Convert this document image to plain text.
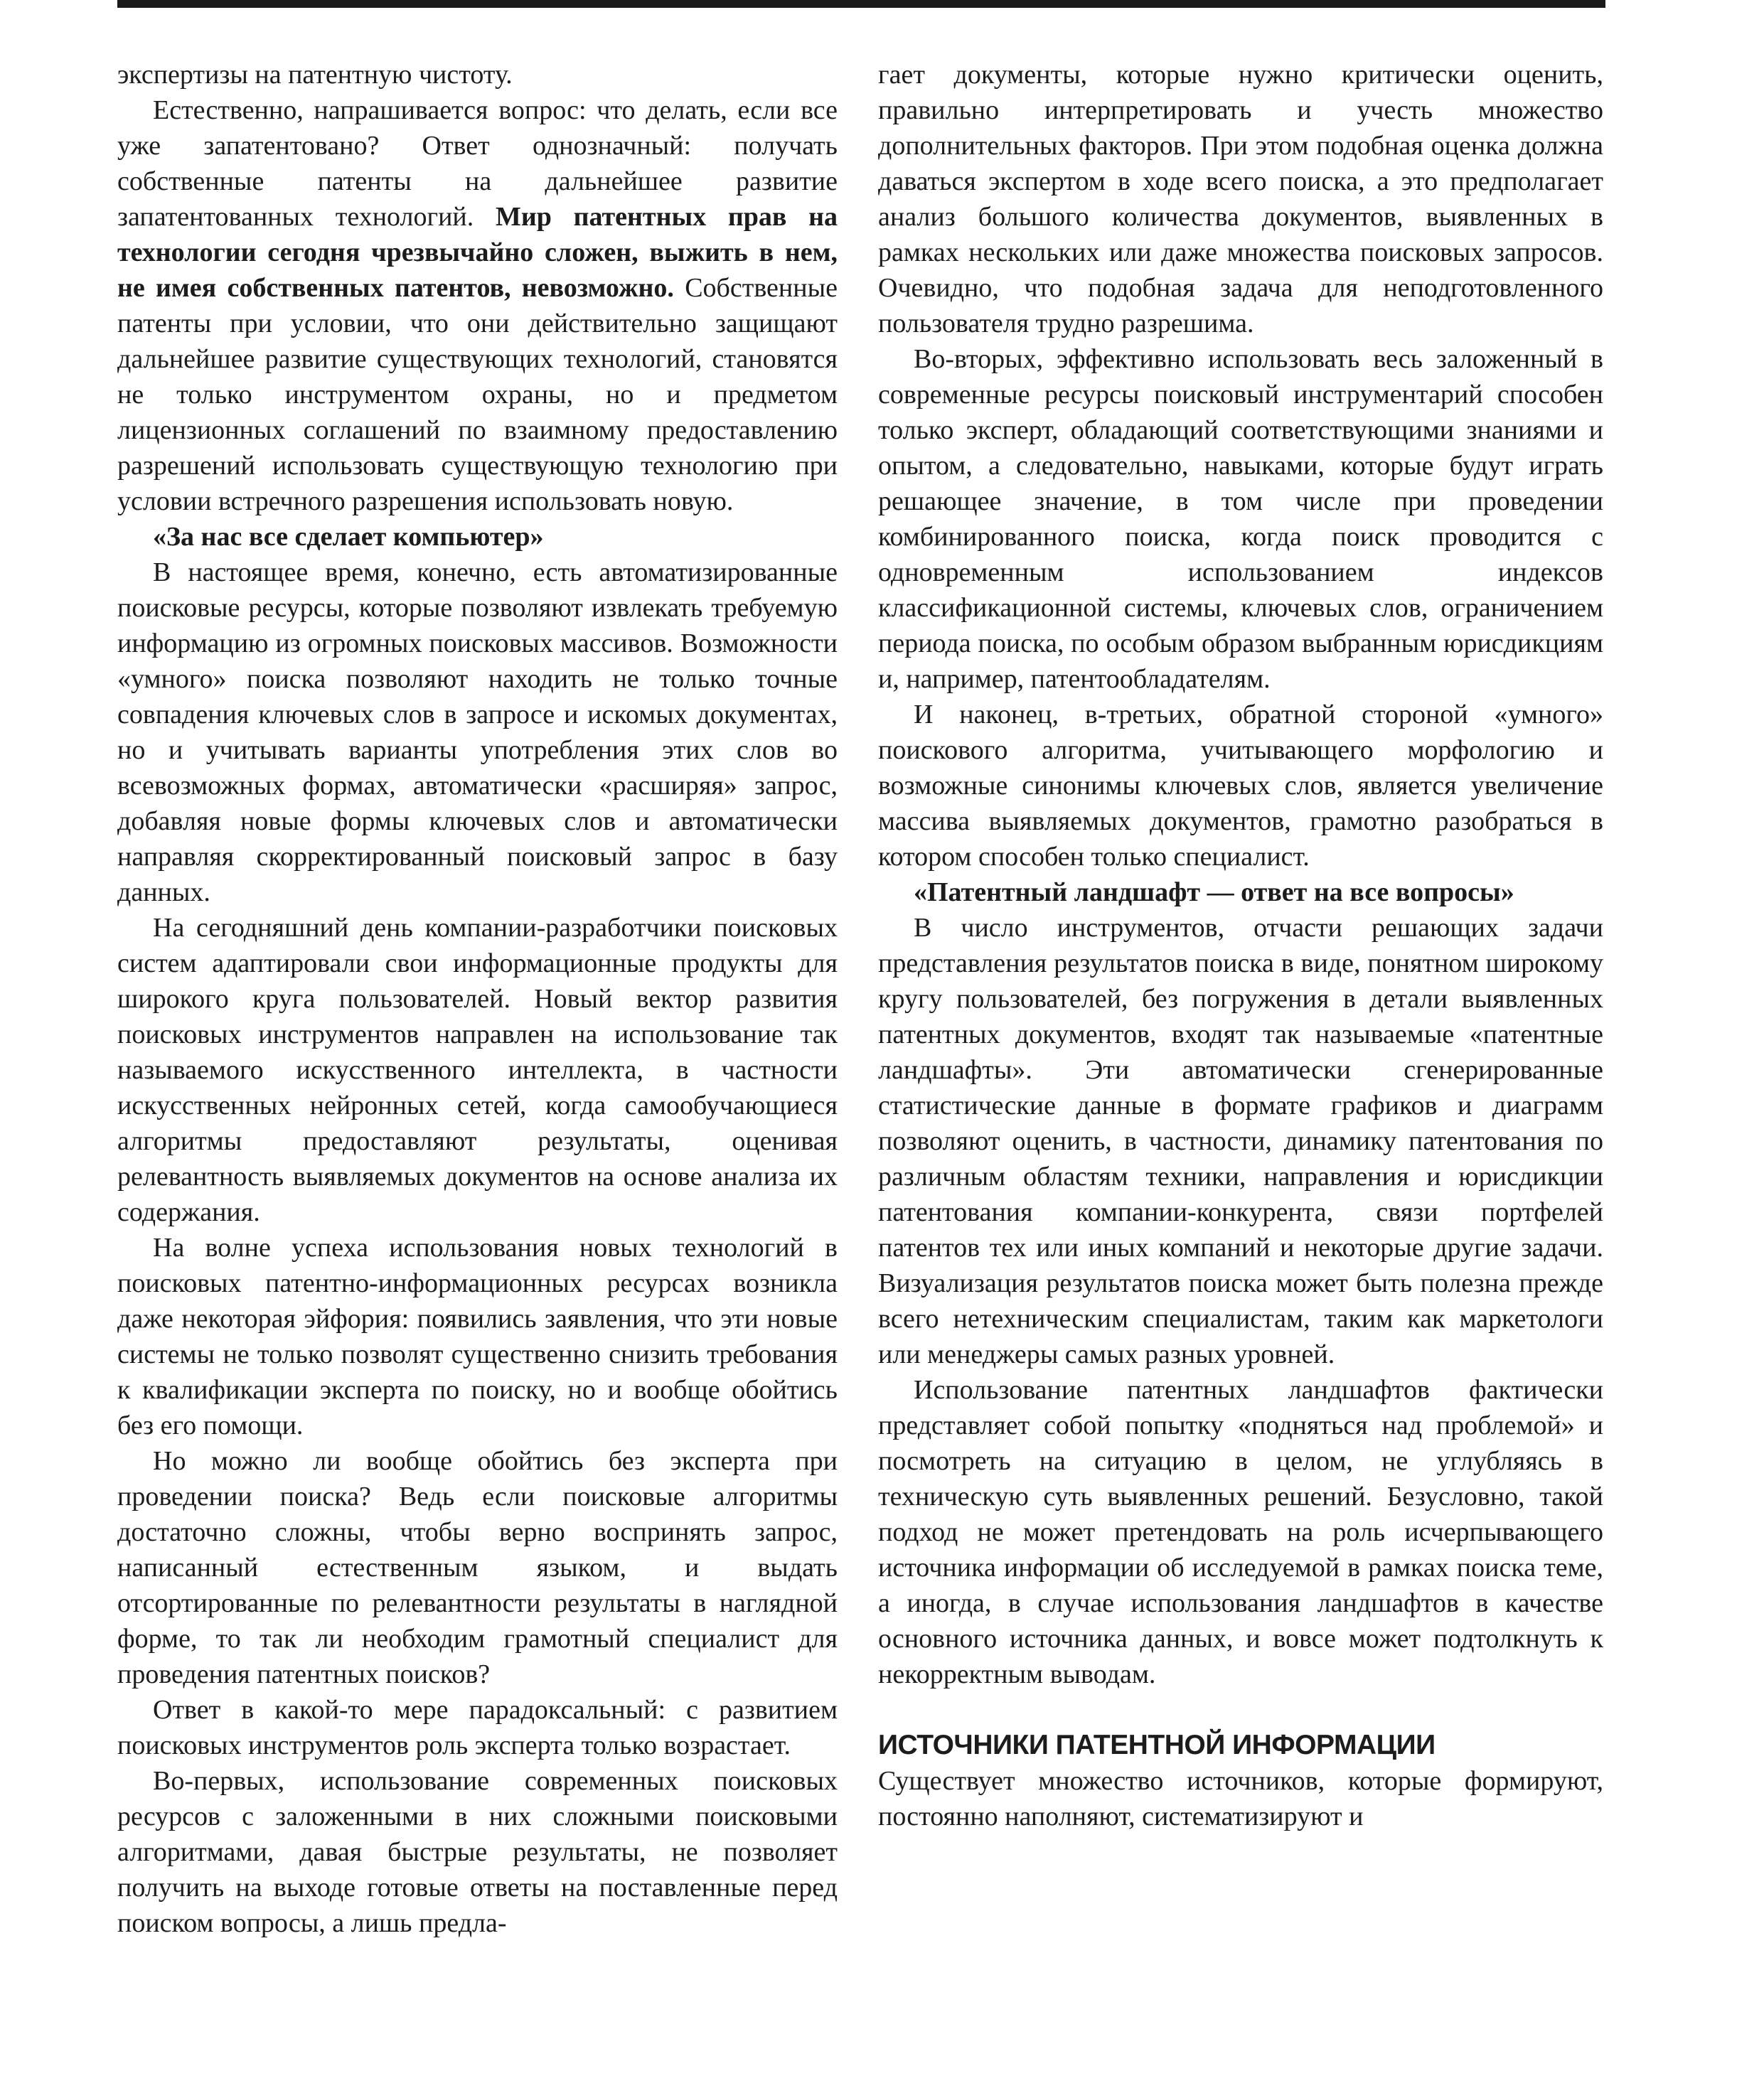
экспертизы на патентную чистоту.

Естественно, напрашивается вопрос: что делать, если все уже запатентовано? Ответ однозначный: получать собственные патенты на дальнейшее развитие запатентованных технологий. Мир патентных прав на технологии сегодня чрезвычайно сложен, выжить в нем, не имея собственных патентов, невозможно. Собственные патенты при условии, что они действительно защищают дальнейшее развитие существующих технологий, становятся не только инструментом охраны, но и предметом лицензионных соглашений по взаимному предоставлению разрешений использовать существующую технологию при условии встречного разрешения использовать новую.

«За нас все сделает компьютер»

В настоящее время, конечно, есть автоматизированные поисковые ресурсы, которые позволяют извлекать требуемую информацию из огромных поисковых массивов. Возможности «умного» поиска позволяют находить не только точные совпадения ключевых слов в запросе и искомых документах, но и учитывать варианты употребления этих слов во всевозможных формах, автоматически «расширяя» запрос, добавляя новые формы ключевых слов и автоматически направляя скорректированный поисковый запрос в базу данных.

На сегодняшний день компании-разработчики поисковых систем адаптировали свои информационные продукты для широкого круга пользователей. Новый вектор развития поисковых инструментов направлен на использование так называемого искусственного интеллекта, в частности искусственных нейронных сетей, когда самообучающиеся алгоритмы предоставляют результаты, оценивая релевантность выявляемых документов на основе анализа их содержания.

На волне успеха использования новых технологий в поисковых патентно-информационных ресурсах возникла даже некоторая эйфория: появились заявления, что эти новые системы не только позволят существенно снизить требования к квалификации эксперта по поиску, но и вообще обойтись без его помощи.

Но можно ли вообще обойтись без эксперта при проведении поиска? Ведь если поисковые алгоритмы достаточно сложны, чтобы верно воспринять запрос, написанный естественным языком, и выдать отсортированные по релевантности результаты в наглядной форме, то так ли необходим грамотный специалист для проведения патентных поисков?

Ответ в какой-то мере парадоксальный: с развитием поисковых инструментов роль эксперта только возрастает.

Во-первых, использование современных поисковых ресурсов с заложенными в них сложными поисковыми алгоритмами, давая быстрые результаты, не позволяет получить на выходе готовые ответы на поставленные перед поиском вопросы, а лишь предла-

гает документы, которые нужно критически оценить, правильно интерпретировать и учесть множество дополнительных факторов. При этом подобная оценка должна даваться экспертом в ходе всего поиска, а это предполагает анализ большого количества документов, выявленных в рамках нескольких или даже множества поисковых запросов. Очевидно, что подобная задача для неподготовленного пользователя трудно разрешима.

Во-вторых, эффективно использовать весь заложенный в современные ресурсы поисковый инструментарий способен только эксперт, обладающий соответствующими знаниями и опытом, а следовательно, навыками, которые будут играть решающее значение, в том числе при проведении комбинированного поиска, когда поиск проводится с одновременным использованием индексов классификационной системы, ключевых слов, ограничением периода поиска, по особым образом выбранным юрисдикциям и, например, патентообладателям.

И наконец, в-третьих, обратной стороной «умного» поискового алгоритма, учитывающего морфологию и возможные синонимы ключевых слов, является увеличение массива выявляемых документов, грамотно разобраться в котором способен только специалист.

«Патентный ландшафт — ответ на все вопросы»

В число инструментов, отчасти решающих задачи представления результатов поиска в виде, понятном широкому кругу пользователей, без погружения в детали выявленных патентных документов, входят так называемые «патентные ландшафты». Эти автоматически сгенерированные статистические данные в формате графиков и диаграмм позволяют оценить, в частности, динамику патентования по различным областям техники, направления и юрисдикции патентования компании-конкурента, связи портфелей патентов тех или иных компаний и некоторые другие задачи. Визуализация результатов поиска может быть полезна прежде всего нетехническим специалистам, таким как маркетологи или менеджеры самых разных уровней.

Использование патентных ландшафтов фактически представляет собой попытку «подняться над проблемой» и посмотреть на ситуацию в целом, не углубляясь в техническую суть выявленных решений. Безусловно, такой подход не может претендовать на роль исчерпывающего источника информации об исследуемой в рамках поиска теме, а иногда, в случае использования ландшафтов в качестве основного источника данных, и вовсе может подтолкнуть к некорректным выводам.

ИСТОЧНИКИ ПАТЕНТНОЙ ИНФОРМАЦИИ

Существует множество источников, которые формируют, постоянно наполняют, систематизируют и
